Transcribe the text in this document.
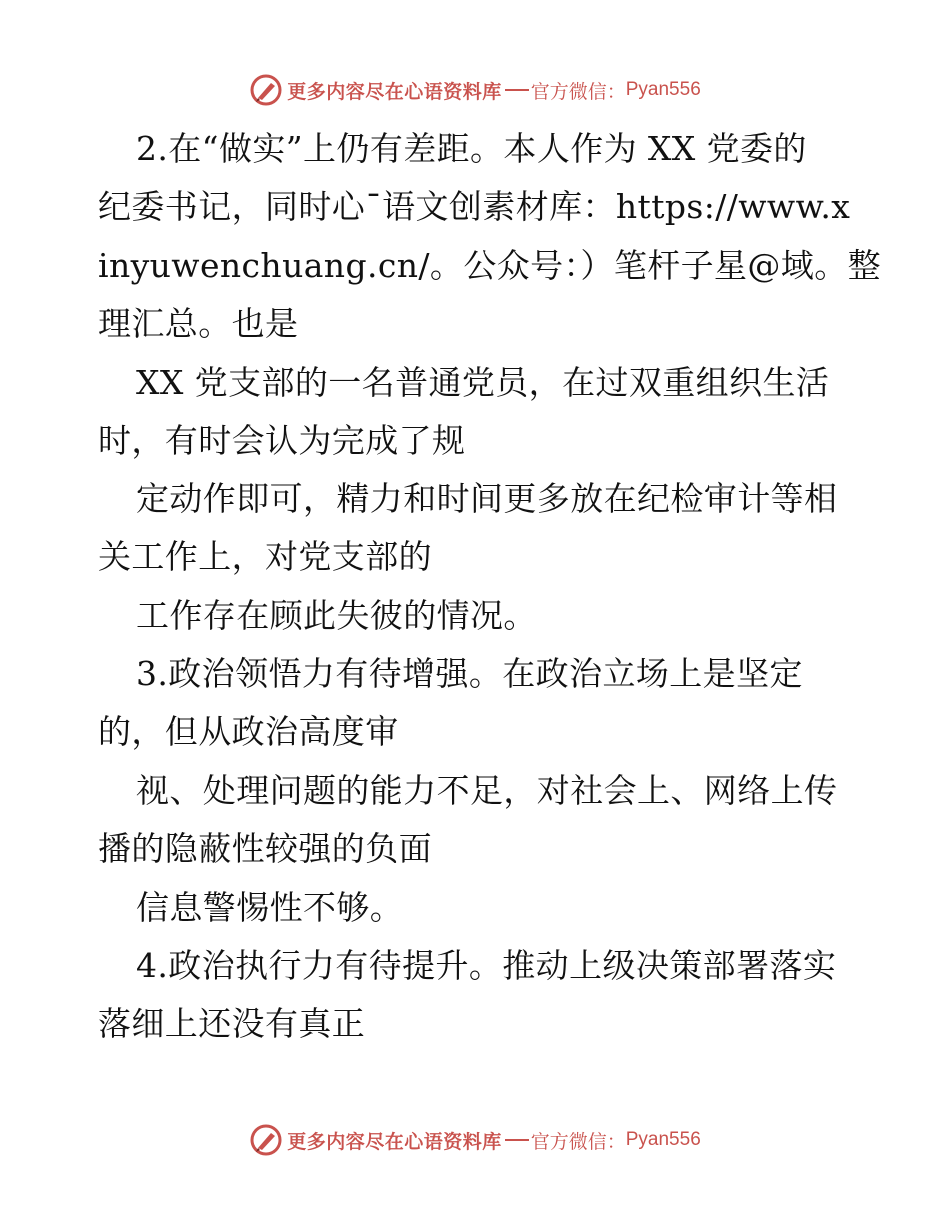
更多内容尽在心语资料库 官方微信： Pyan556
2.在“做实”上仍有差距。本人作为 XX 党委的
纪委书记，同时心¯语文创素材库：https://www.x
inyuwenchuang.cn/。公众号：）笔杆子星@域。整
理汇总。也是
XX 党支部的一名普通党员，在过双重组织生活
时，有时会认为完成了规
定动作即可，精力和时间更多放在纪检审计等相
关工作上，对党支部的
工作存在顾此失彼的情况。
3.政治领悟力有待增强。在政治立场上是坚定
的，但从政治高度审
视、处理问题的能力不足，对社会上、网络上传
播的隐蔽性较强的负面
信息警惕性不够。
4.政治执行力有待提升。推动上级决策部署落实
落细上还没有真正
更多内容尽在心语资料库 官方微信： Pyan556
